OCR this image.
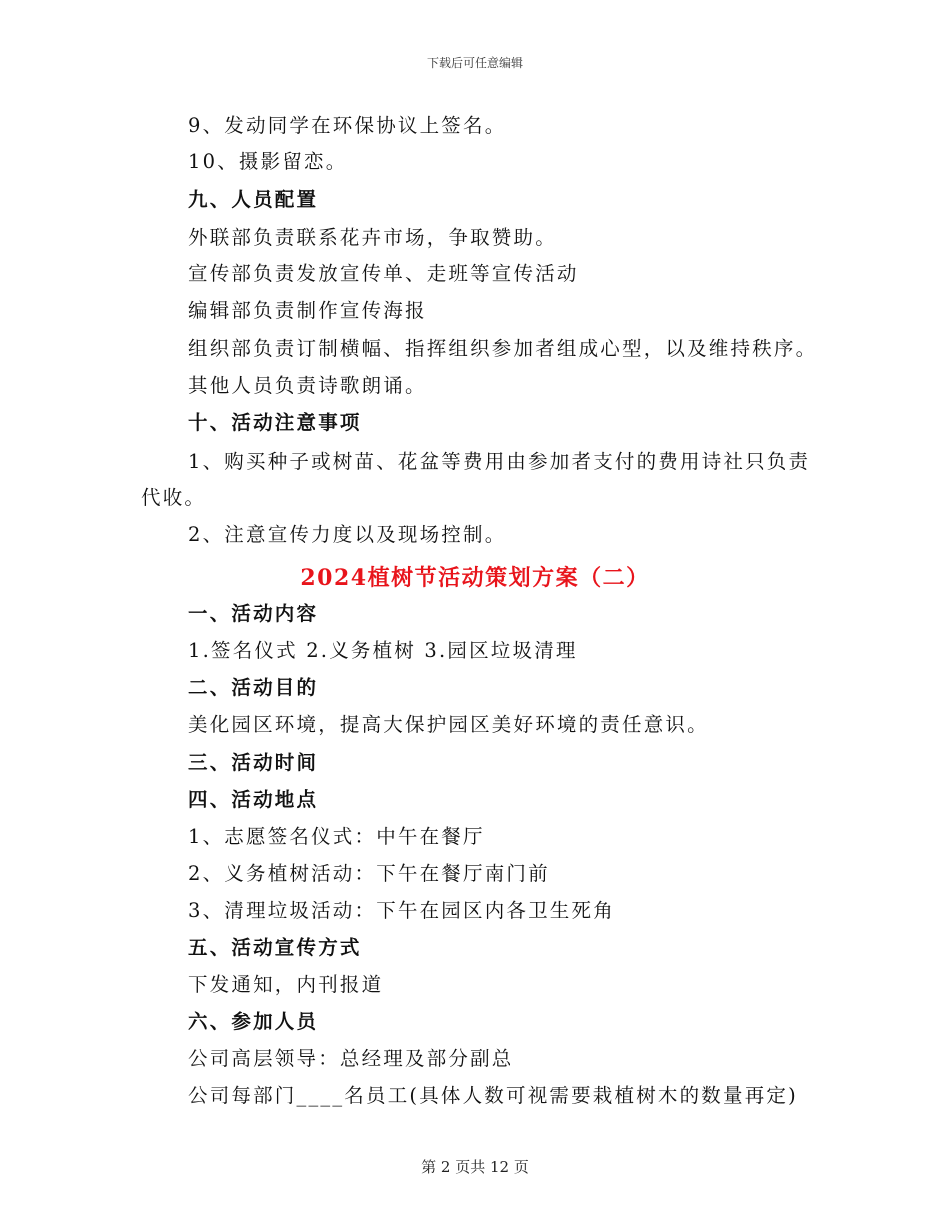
下载后可任意编辑
9、发动同学在环保协议上签名。
10、摄影留恋。
九、人员配置
外联部负责联系花卉市场，争取赞助。
宣传部负责发放宣传单、走班等宣传活动
编辑部负责制作宣传海报
组织部负责订制横幅、指挥组织参加者组成心型，以及维持秩序。
其他人员负责诗歌朗诵。
十、活动注意事项
1、购买种子或树苗、花盆等费用由参加者支付的费用诗社只负责
代收。
2、注意宣传力度以及现场控制。
2024植树节活动策划方案（二）
一、活动内容
1.签名仪式 2.义务植树 3.园区垃圾清理
二、活动目的
美化园区环境，提高大保护园区美好环境的责任意识。
三、活动时间
四、活动地点
1、志愿签名仪式：中午在餐厅
2、义务植树活动：下午在餐厅南门前
3、清理垃圾活动：下午在园区内各卫生死角
五、活动宣传方式
下发通知，内刊报道
六、参加人员
公司高层领导：总经理及部分副总
公司每部门____名员工(具体人数可视需要栽植树木的数量再定)
第 2 页共 12 页
